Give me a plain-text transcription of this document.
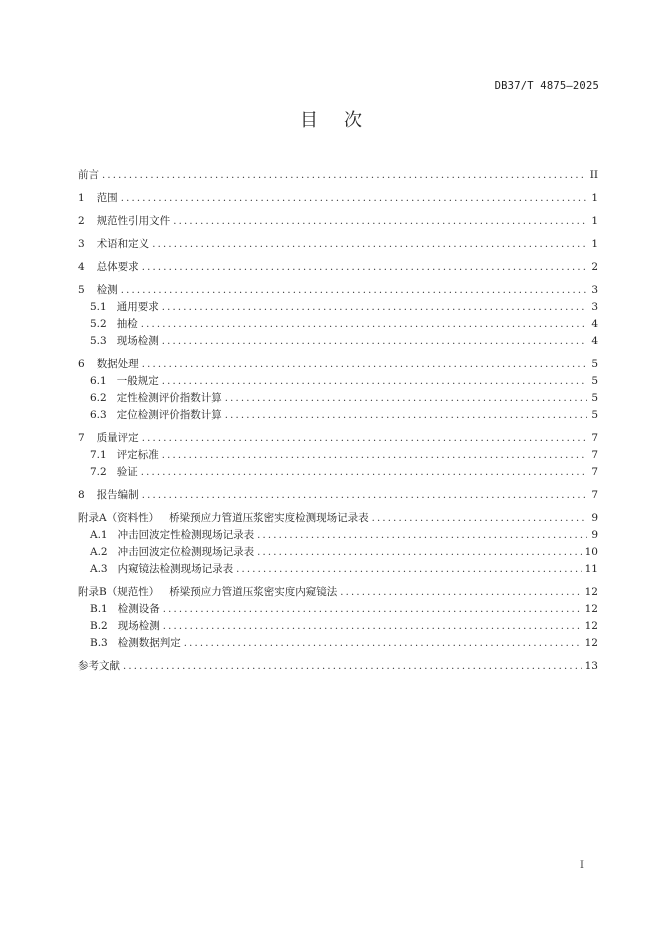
DB37/T 4875—2025
目次
前言 .....	II
1 范围 .....	1
2 规范性引用文件 .....	1
3 术语和定义 .....	1
4 总体要求 .....	2
5 检测 .....	3
5.1 通用要求 .....	3
5.2 抽检 .....	4
5.3 现场检测 .....	4
6 数据处理 .....	5
6.1 一般规定 .....	5
6.2 定性检测评价指数计算 .....	5
6.3 定位检测评价指数计算 .....	5
7 质量评定 .....	7
7.1 评定标准 .....	7
7.2 验证 .....	7
8 报告编制 .....	7
附录A（资料性） 桥梁预应力管道压浆密实度检测现场记录表 .....	9
A.1 冲击回波定性检测现场记录表 .....	9
A.2 冲击回波定位检测现场记录表 .....	10
A.3 内窥镜法检测现场记录表 .....	11
附录B（规范性） 桥梁预应力管道压浆密实度内窥镜法 .....	12
B.1 检测设备 .....	12
B.2 现场检测 .....	12
B.3 检测数据判定 .....	12
参考文献 .....	13
I
